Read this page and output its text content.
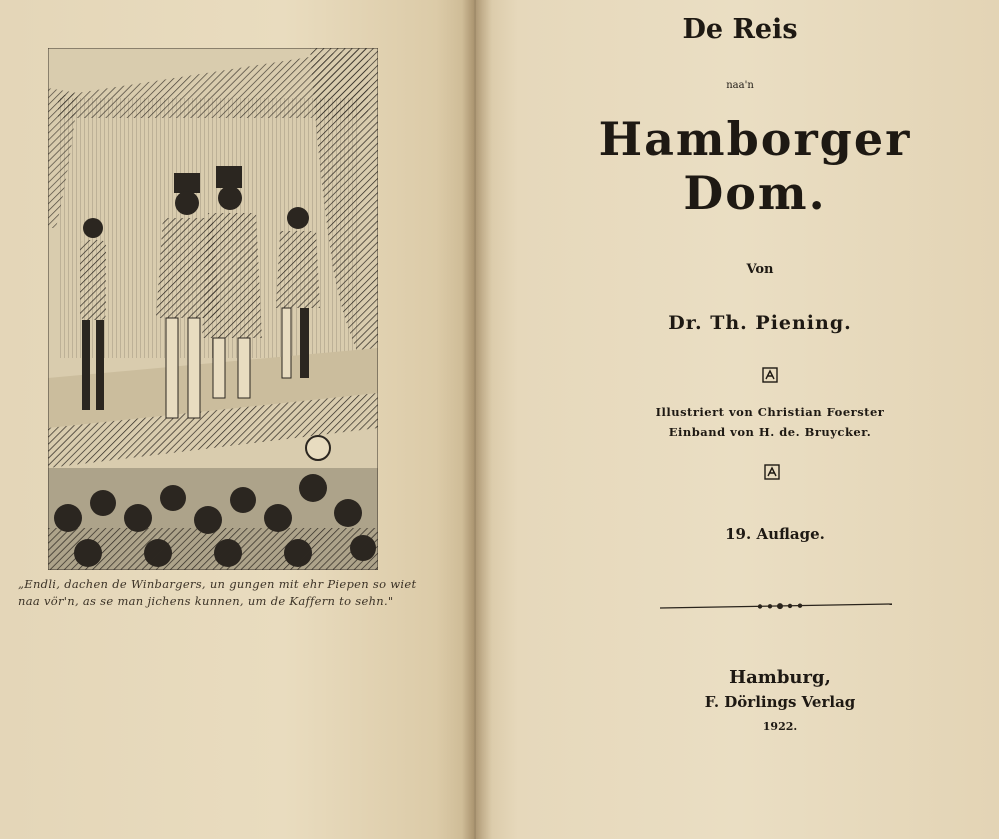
„Endli, dachen de Winbargers, un gungen mit ehr Piepen so wiet
naa vör'n, as se man jichens kunnen, um de Kaffern to sehn."
De Reis
naa'n
Hamborger Dom.
Von
Dr. Th. Piening.
Illustriert von Christian Foerster
Einband von H. de. Bruycker.
19. Auflage.
Hamburg,
F. Dörlings Verlag
1922.
